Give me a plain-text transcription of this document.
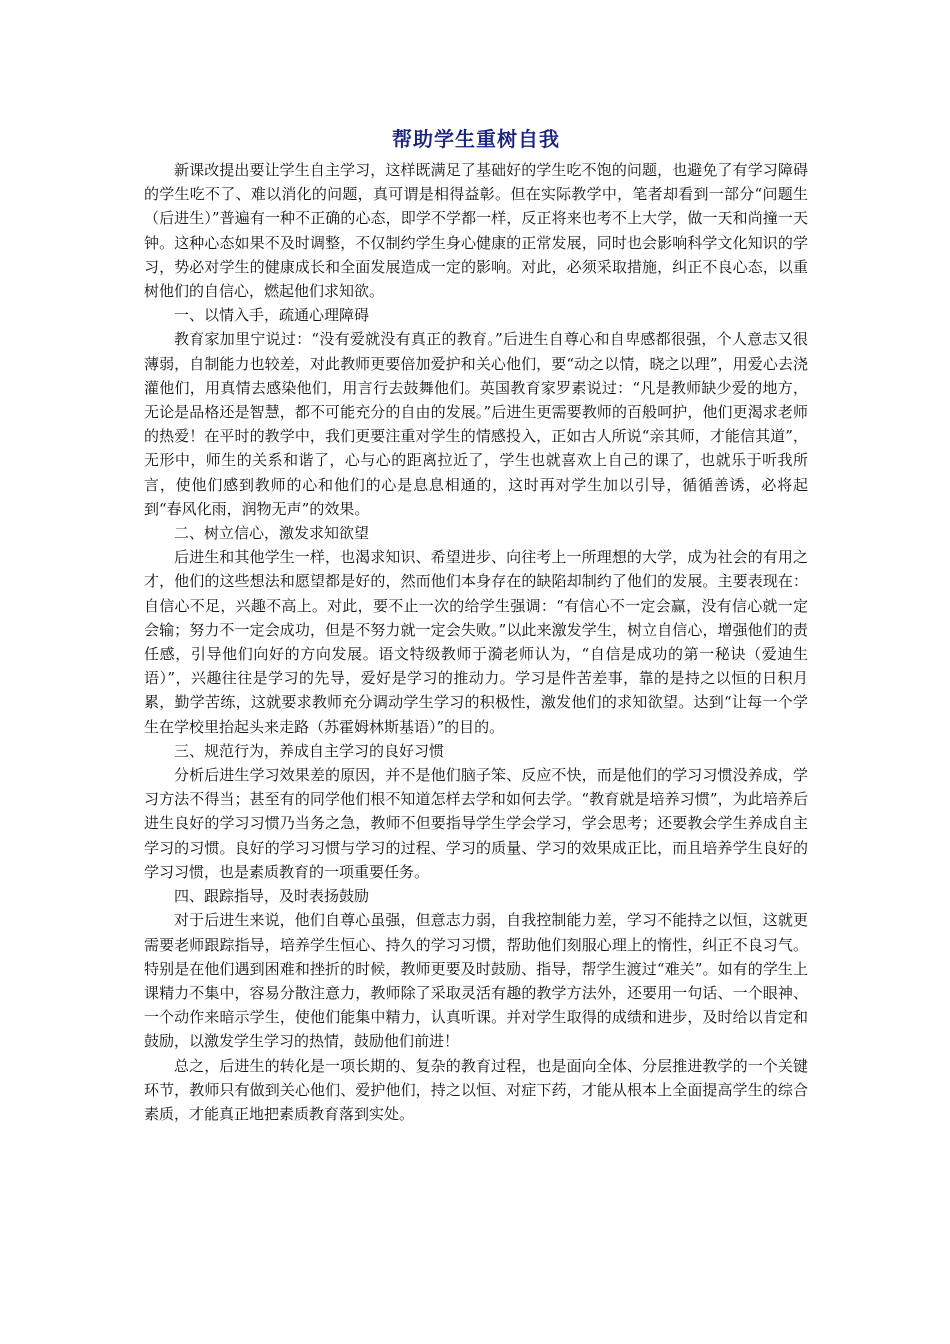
帮助学生重树自我

新课改提出要让学生自主学习，这样既满足了基础好的学生吃不饱的问题，也避免了有学习障碍的学生吃不了、难以消化的问题，真可谓是相得益彰。但在实际教学中，笔者却看到一部分“问题生（后进生）”普遍有一种不正确的心态，即学不学都一样，反正将来也考不上大学，做一天和尚撞一天钟。这种心态如果不及时调整，不仅制约学生身心健康的正常发展，同时也会影响科学文化知识的学习，势必对学生的健康成长和全面发展造成一定的影响。对此，必须采取措施，纠正不良心态，以重树他们的自信心，燃起他们求知欲。

一、以情入手，疏通心理障碍

教育家加里宁说过：“没有爱就没有真正的教育。”后进生自尊心和自卑感都很强，个人意志又很薄弱，自制能力也较差，对此教师更要倍加爱护和关心他们，要“动之以情，晓之以理”，用爱心去浇灌他们，用真情去感染他们，用言行去鼓舞他们。英国教育家罗素说过：“凡是教师缺少爱的地方，无论是品格还是智慧，都不可能充分的自由的发展。”后进生更需要教师的百般呵护，他们更渴求老师的热爱！在平时的教学中，我们更要注重对学生的情感投入，正如古人所说“亲其师，才能信其道”，无形中，师生的关系和谐了，心与心的距离拉近了，学生也就喜欢上自己的课了，也就乐于听我所言，使他们感到教师的心和他们的心是息息相通的，这时再对学生加以引导，循循善诱，必将起到“春风化雨，润物无声”的效果。

二、树立信心，激发求知欲望

后进生和其他学生一样，也渴求知识、希望进步、向往考上一所理想的大学，成为社会的有用之才，他们的这些想法和愿望都是好的，然而他们本身存在的缺陷却制约了他们的发展。主要表现在：自信心不足，兴趣不高上。对此，要不止一次的给学生强调：“有信心不一定会赢，没有信心就一定会输；努力不一定会成功，但是不努力就一定会失败。”以此来激发学生，树立自信心，增强他们的责任感，引导他们向好的方向发展。语文特级教师于漪老师认为，“自信是成功的第一秘诀（爱迪生语）”，兴趣往往是学习的先导，爱好是学习的推动力。学习是件苦差事，靠的是持之以恒的日积月累，勤学苦练，这就要求教师充分调动学生学习的积极性，激发他们的求知欲望。达到“让每一个学生在学校里抬起头来走路（苏霍姆林斯基语）”的目的。

三、规范行为，养成自主学习的良好习惯

分析后进生学习效果差的原因，并不是他们脑子笨、反应不快，而是他们的学习习惯没养成，学习方法不得当；甚至有的同学他们根不知道怎样去学和如何去学。“教育就是培养习惯”，为此培养后进生良好的学习习惯乃当务之急，教师不但要指导学生学会学习，学会思考；还要教会学生养成自主学习的习惯。良好的学习习惯与学习的过程、学习的质量、学习的效果成正比，而且培养学生良好的学习习惯，也是素质教育的一项重要任务。

四、跟踪指导，及时表扬鼓励

对于后进生来说，他们自尊心虽强，但意志力弱，自我控制能力差，学习不能持之以恒，这就更需要老师跟踪指导，培养学生恒心、持久的学习习惯，帮助他们刻服心理上的惰性，纠正不良习气。特别是在他们遇到困难和挫折的时候，教师更要及时鼓励、指导，帮学生渡过“难关”。如有的学生上课精力不集中，容易分散注意力，教师除了采取灵活有趣的教学方法外，还要用一句话、一个眼神、一个动作来暗示学生，使他们能集中精力，认真听课。并对学生取得的成绩和进步，及时给以肯定和鼓励，以激发学生学习的热情，鼓励他们前进！

总之，后进生的转化是一项长期的、复杂的教育过程，也是面向全体、分层推进教学的一个关键环节，教师只有做到关心他们、爱护他们，持之以恒、对症下药，才能从根本上全面提高学生的综合素质，才能真正地把素质教育落到实处。
